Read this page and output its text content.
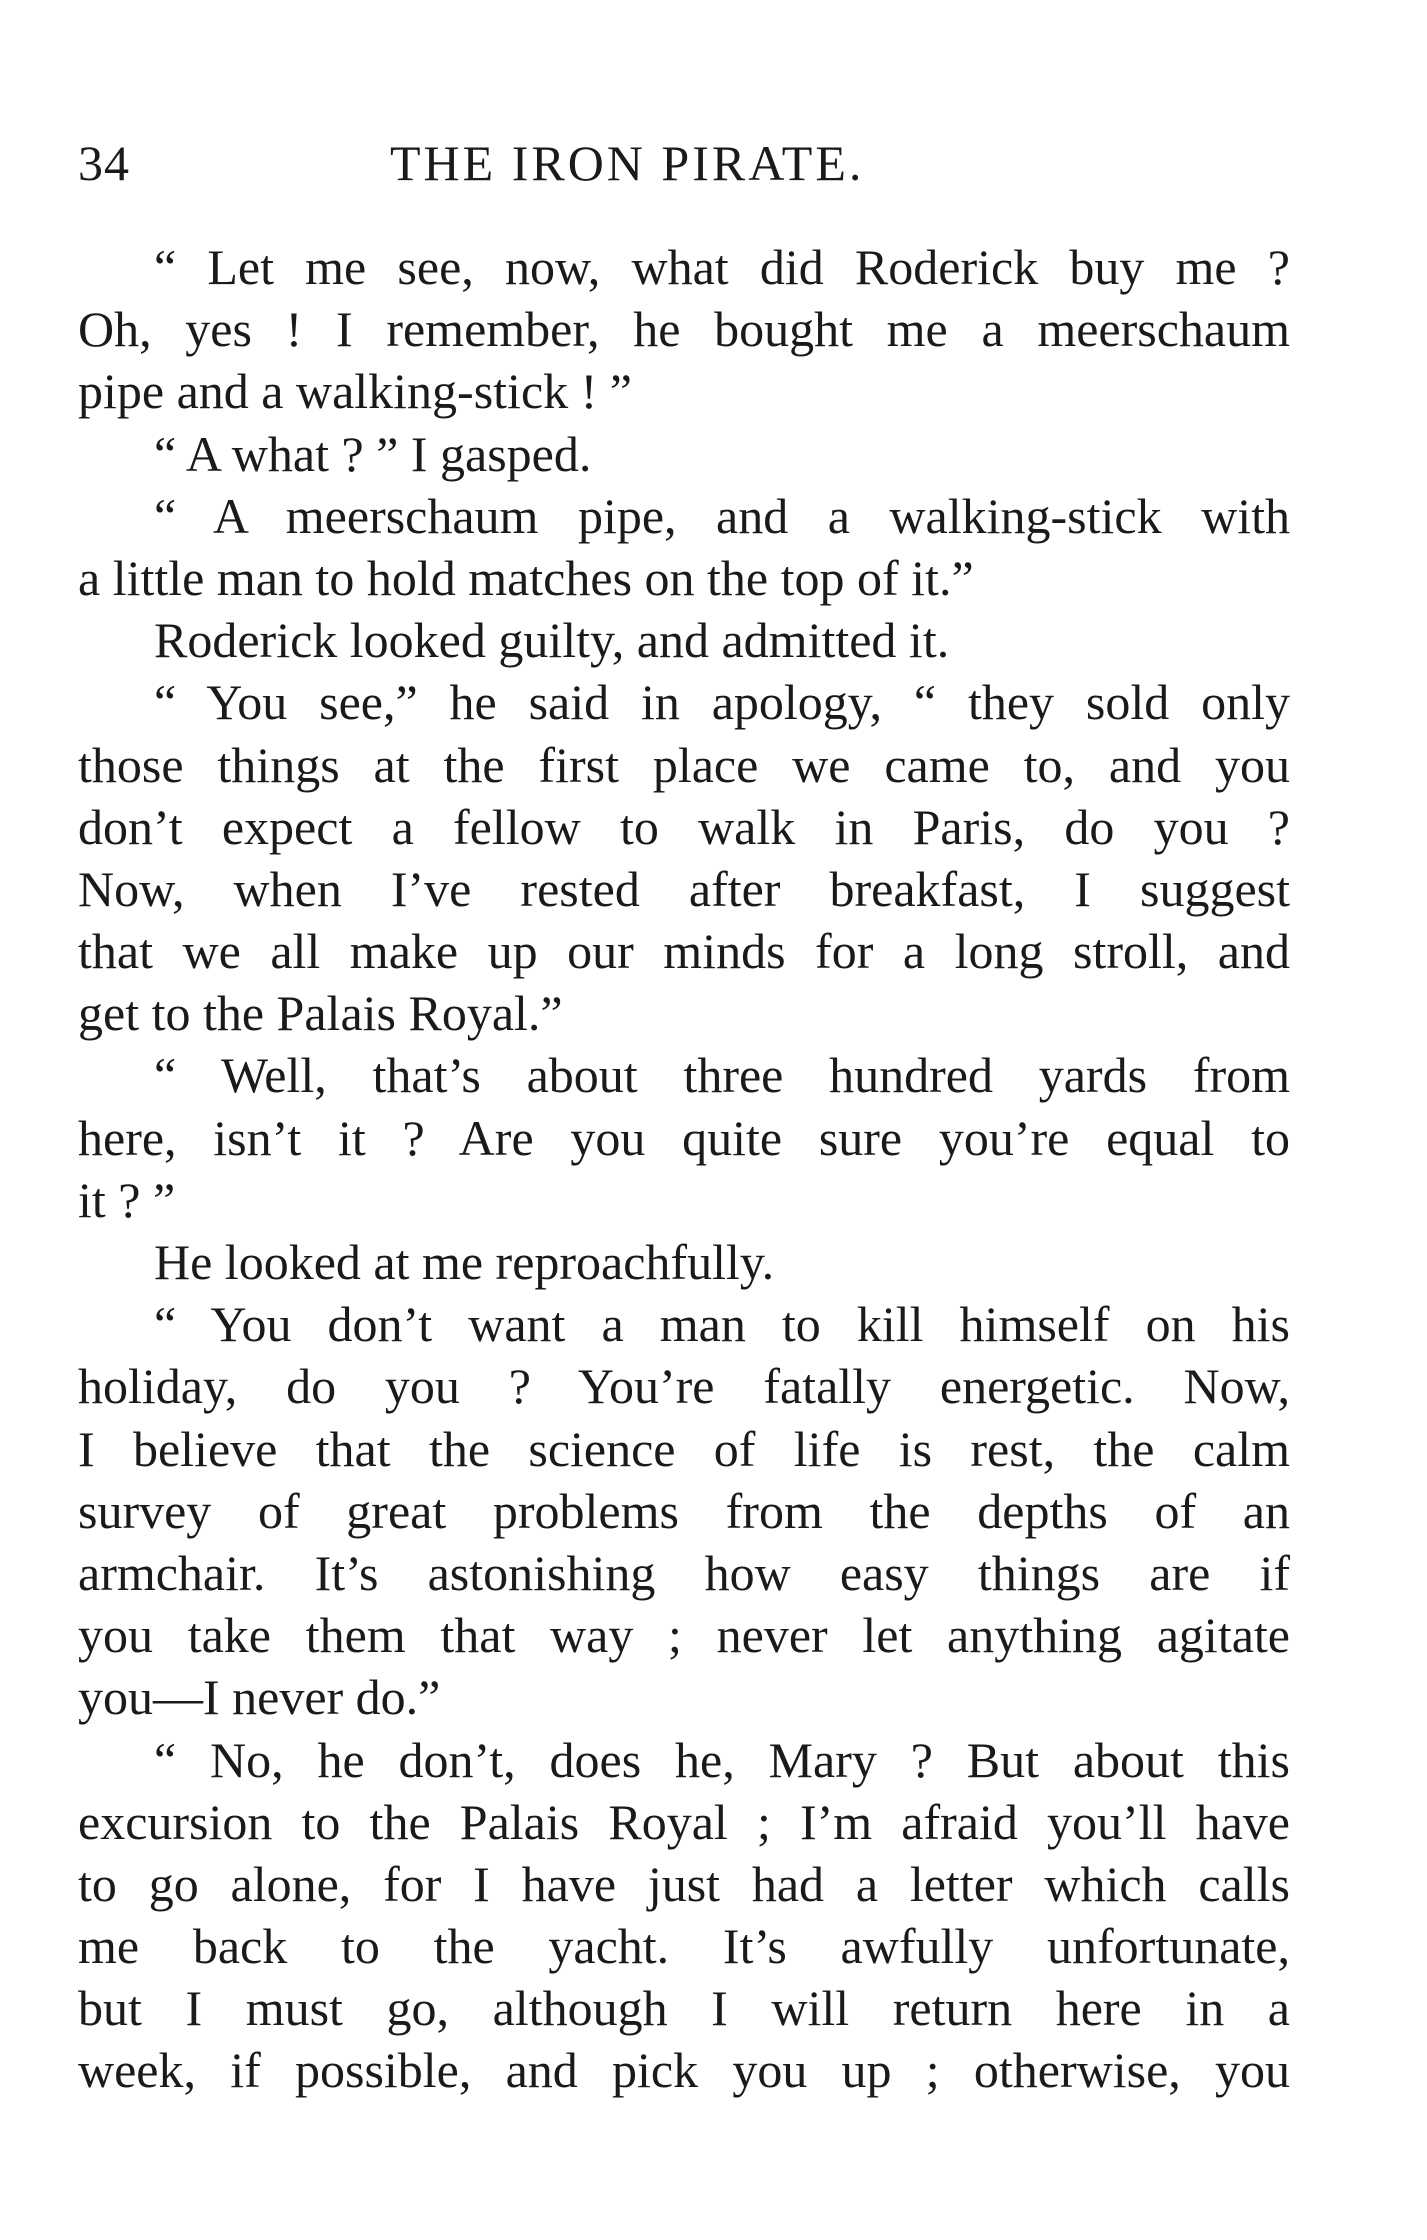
34	THE IRON PIRATE.
“ Let me see, now, what did Roderick buy me ?
Oh, yes ! I remember, he bought me a meerschaum
pipe and a walking-stick ! ”
“ A what ? ” I gasped.
“ A meerschaum pipe, and a walking-stick with
a little man to hold matches on the top of it.”
Roderick looked guilty, and admitted it.
“ You see,” he said in apology, “ they sold only
those things at the first place we came to, and you
don’t expect a fellow to walk in Paris, do you ?
Now, when I’ve rested after breakfast, I suggest
that we all make up our minds for a long stroll, and
get to the Palais Royal.”
“ Well, that’s about three hundred yards from
here, isn’t it ? Are you quite sure you’re equal to
it ? ”
He looked at me reproachfully.
“ You don’t want a man to kill himself on his
holiday, do you ? You’re fatally energetic. Now,
I believe that the science of life is rest, the calm
survey of great problems from the depths of an
armchair. It’s astonishing how easy things are if
you take them that way ; never let anything agitate
you—I never do.”
“ No, he don’t, does he, Mary ? But about this
excursion to the Palais Royal ; I’m afraid you’ll have
to go alone, for I have just had a letter which calls
me back to the yacht. It’s awfully unfortunate,
but I must go, although I will return here in a
week, if possible, and pick you up ; otherwise, you
